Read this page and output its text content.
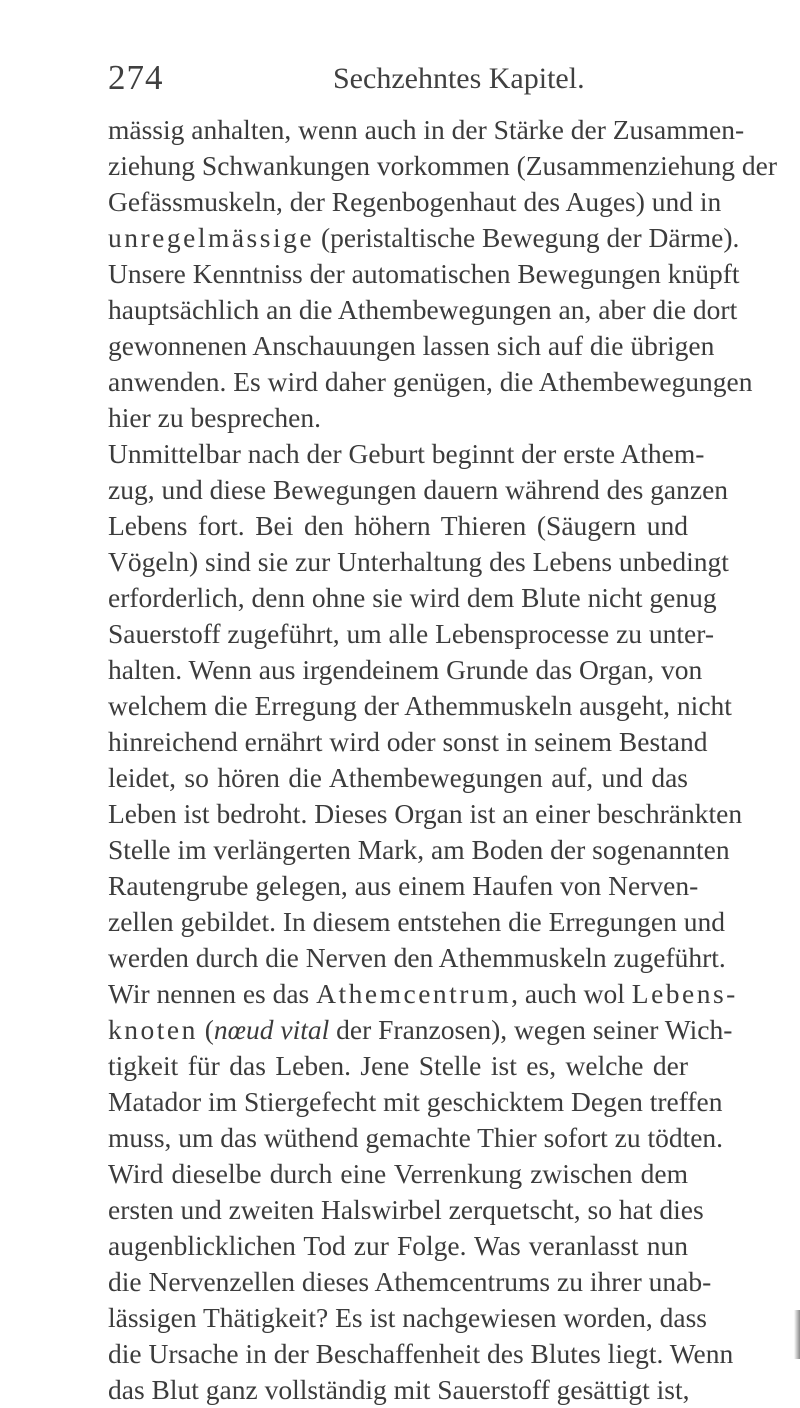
274	Sechzehntes Kapitel.
mässig anhalten, wenn auch in der Stärke der Zusammen-
ziehung Schwankungen vorkommen (Zusammenziehung der
Gefässmuskeln, der Regenbogenhaut des Auges) und in
unregelmässige (peristaltische Bewegung der Därme).
Unsere Kenntniss der automatischen Bewegungen knüpft
hauptsächlich an die Athembewegungen an, aber die dort
gewonnenen Anschauungen lassen sich auf die übrigen
anwenden. Es wird daher genügen, die Athembewegungen
hier zu besprechen.
Unmittelbar nach der Geburt beginnt der erste Athem-
zug, und diese Bewegungen dauern während des ganzen
Lebens fort. Bei den höhern Thieren (Säugern und
Vögeln) sind sie zur Unterhaltung des Lebens unbedingt
erforderlich, denn ohne sie wird dem Blute nicht genug
Sauerstoff zugeführt, um alle Lebensprocesse zu unter-
halten. Wenn aus irgendeinem Grunde das Organ, von
welchem die Erregung der Athemmuskeln ausgeht, nicht
hinreichend ernährt wird oder sonst in seinem Bestand
leidet, so hören die Athembewegungen auf, und das
Leben ist bedroht. Dieses Organ ist an einer beschränkten
Stelle im verlängerten Mark, am Boden der sogenannten
Rautengrube gelegen, aus einem Haufen von Nerven-
zellen gebildet. In diesem entstehen die Erregungen und
werden durch die Nerven den Athemmuskeln zugeführt.
Wir nennen es das Athemcentrum, auch wol Lebens-
knoten (nœud vital der Franzosen), wegen seiner Wich-
tigkeit für das Leben. Jene Stelle ist es, welche der
Matador im Stiergefecht mit geschicktem Degen treffen
muss, um das wüthend gemachte Thier sofort zu tödten.
Wird dieselbe durch eine Verrenkung zwischen dem
ersten und zweiten Halswirbel zerquetscht, so hat dies
augenblicklichen Tod zur Folge. Was veranlasst nun
die Nervenzellen dieses Athemcentrums zu ihrer unab-
lässigen Thätigkeit? Es ist nachgewiesen worden, dass
die Ursache in der Beschaffenheit des Blutes liegt. Wenn
das Blut ganz vollständig mit Sauerstoff gesättigt ist,
